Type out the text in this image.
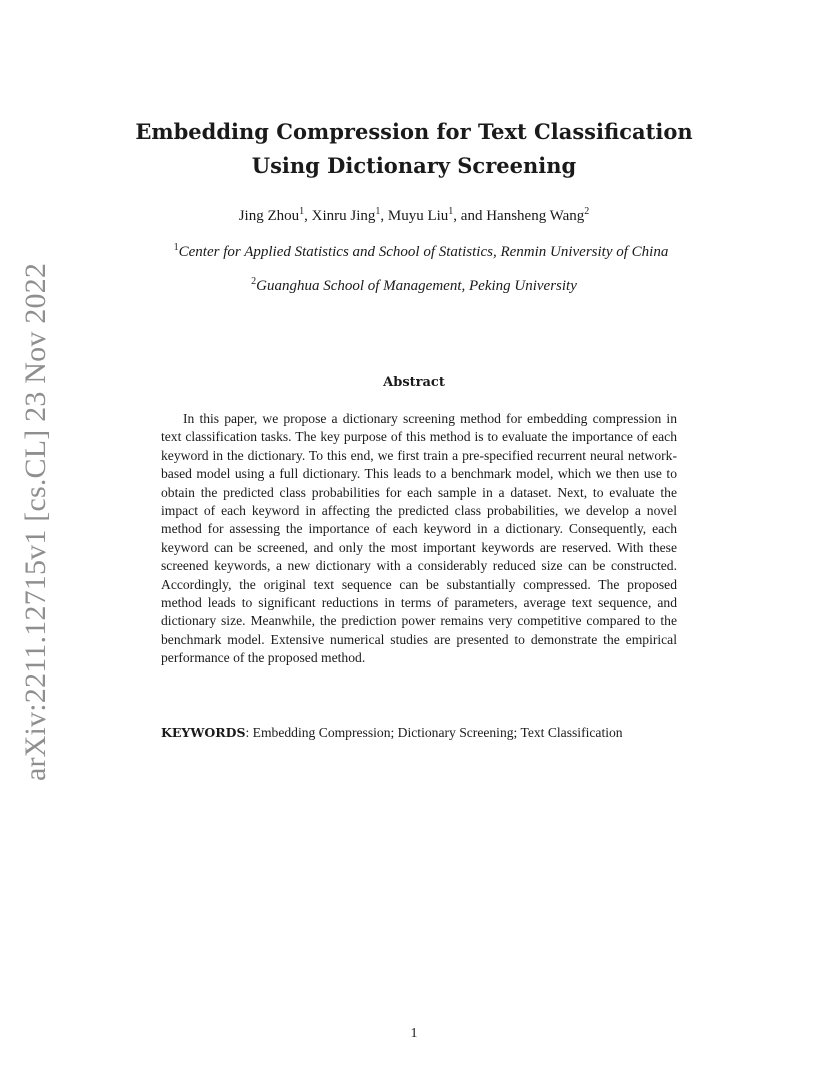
arXiv:2211.12715v1 [cs.CL] 23 Nov 2022
Embedding Compression for Text Classification
Using Dictionary Screening
Jing Zhou$^1$, Xinru Jing$^1$, Muyu Liu$^1$, and Hansheng Wang$^2$
$^1$Center for Applied Statistics and School of Statistics, Renmin University of China
$^2$Guanghua School of Management, Peking University
Abstract

In this paper, we propose a dictionary screening method for embedding compression in text classification tasks. The key purpose of this method is to evaluate the importance of each keyword in the dictionary. To this end, we first train a pre-specified recurrent neural network-based model using a full dictionary. This leads to a benchmark model, which we then use to obtain the predicted class probabilities for each sample in a dataset. Next, to evaluate the impact of each keyword in affecting the predicted class probabilities, we develop a novel method for assessing the importance of each keyword in a dictionary. Consequently, each keyword can be screened, and only the most important keywords are reserved. With these screened keywords, a new dictionary with a considerably reduced size can be constructed. Accordingly, the original text sequence can be substantially compressed. The proposed method leads to significant reductions in terms of parameters, average text sequence, and dictionary size. Meanwhile, the prediction power remains very competitive compared to the benchmark model. Extensive numerical studies are presented to demonstrate the empirical performance of the proposed method.

KEYWORDS: Embedding Compression; Dictionary Screening; Text Classification

1
